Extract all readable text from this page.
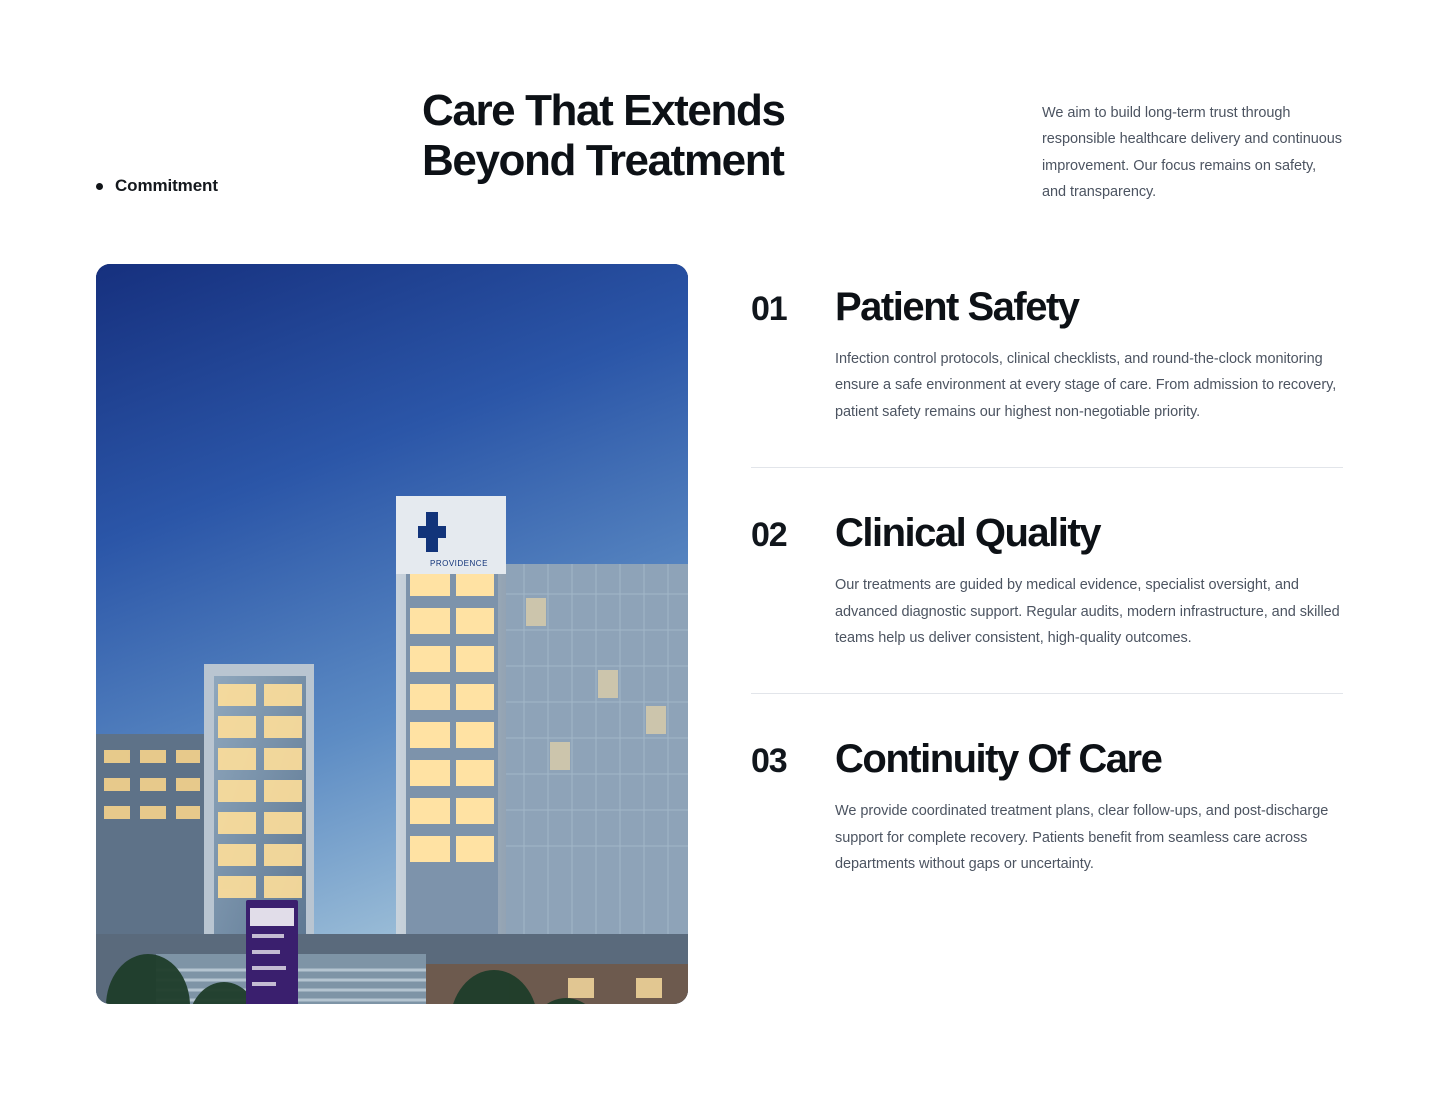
Commitment
Care That Extends Beyond Treatment

We aim to build long-term trust through responsible healthcare delivery and continuous improvement. Our focus remains on safety, and transparency.

PROVIDENCE
01	Patient Safety

Infection control protocols, clinical checklists, and round-the-clock monitoring ensure a safe environment at every stage of care. From admission to recovery, patient safety remains our highest non-negotiable priority.

02	Clinical Quality

Our treatments are guided by medical evidence, specialist oversight, and advanced diagnostic support. Regular audits, modern infrastructure, and skilled teams help us deliver consistent, high-quality outcomes.

03	Continuity Of Care

We provide coordinated treatment plans, clear follow-ups, and post-discharge support for complete recovery. Patients benefit from seamless care across departments without gaps or uncertainty.
